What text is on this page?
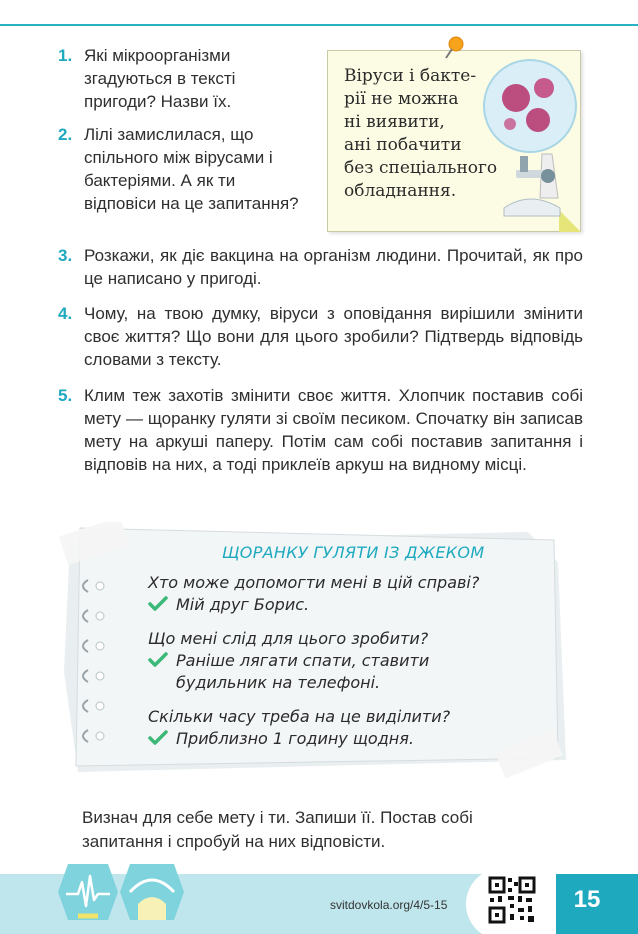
1. Які мікроорганізми згадуються в тексті пригоди? Назви їх.
2. Лілі замислилася, що спільного між вірусами і бактеріями. А як ти відповіси на це запитання?
Віруси і бакте-
рії не можна
ні виявити,
ані побачити
без спеціального
обладнання.
3. Розкажи, як діє вакцина на організм людини. Прочитай, як про це написано у пригоді.
4. Чому, на твою думку, віруси з оповідання вирішили змінити своє життя? Що вони для цього зробили? Підтвердь відповідь словами з тексту.
5. Клим теж захотів змінити своє життя. Хлопчик поставив собі мету — щоранку гуляти зі своїм песиком. Спочатку він записав мету на аркуші паперу. Потім сам собі поставив запитання і відповів на них, а тоді приклеїв аркуш на видному місці.
ЩОРАНКУ ГУЛЯТИ ІЗ ДЖЕКОМ
Хто може допомогти мені в цій справі?
Мій друг Борис.
Що мені слід для цього зробити?
Раніше лягати спати, ставити
будильник на телефоні.
Скільки часу треба на це виділити?
Приблизно 1 годину щодня.
Визнач для себе мету і ти. Запиши її. Постав собі запитання і спробуй на них відповісти.
svitdovkola.org/4/5-15	15
